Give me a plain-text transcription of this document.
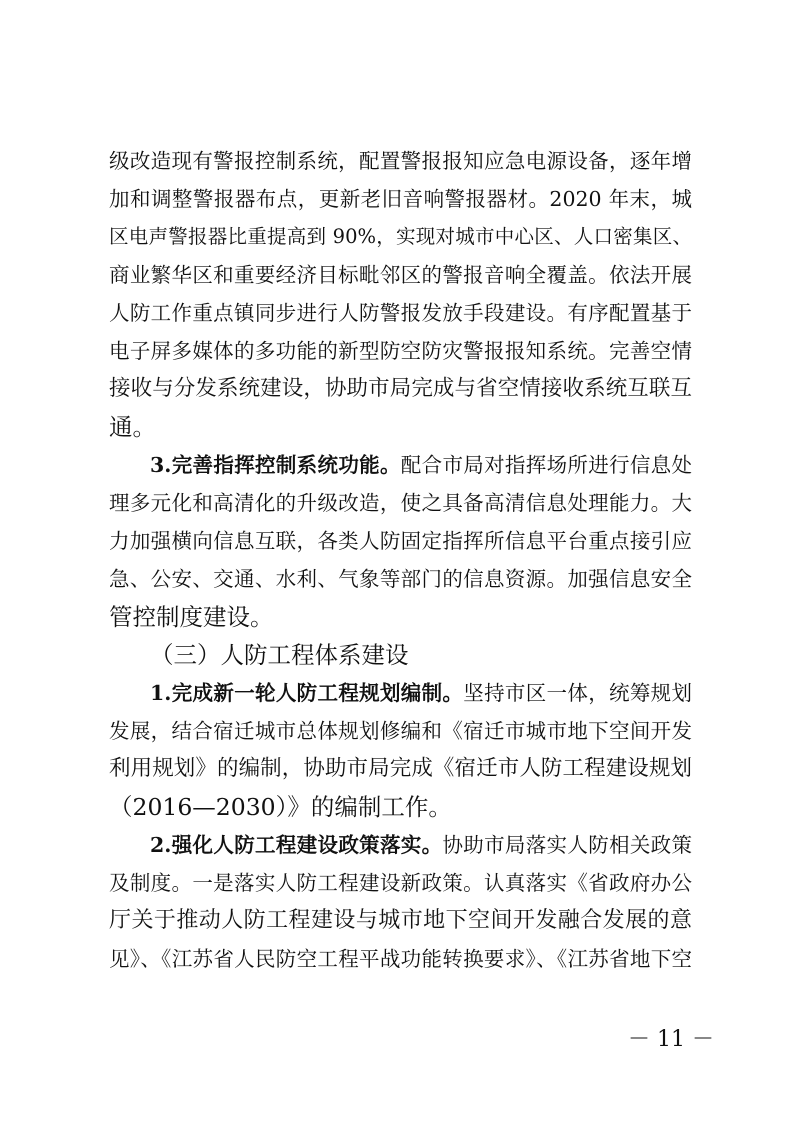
级改造现有警报控制系统，配置警报报知应急电源设备，逐年增
加和调整警报器布点，更新老旧音响警报器材。2020 年末，城
区电声警报器比重提高到 90%，实现对城市中心区、人口密集区、
商业繁华区和重要经济目标毗邻区的警报音响全覆盖。依法开展
人防工作重点镇同步进行人防警报发放手段建设。有序配置基于
电子屏多媒体的多功能的新型防空防灾警报报知系统。完善空情
接收与分发系统建设，协助市局完成与省空情接收系统互联互
通。
3.完善指挥控制系统功能。配合市局对指挥场所进行信息处
理多元化和高清化的升级改造，使之具备高清信息处理能力。大
力加强横向信息互联，各类人防固定指挥所信息平台重点接引应
急、公安、交通、水利、气象等部门的信息资源。加强信息安全
管控制度建设。
（三）人防工程体系建设
1.完成新一轮人防工程规划编制。坚持市区一体，统筹规划
发展，结合宿迁城市总体规划修编和《宿迁市城市地下空间开发
利用规划》的编制，协助市局完成《宿迁市人防工程建设规划
（2016—2030）》的编制工作。
2.强化人防工程建设政策落实。协助市局落实人防相关政策
及制度。一是落实人防工程建设新政策。认真落实《省政府办公
厅关于推动人防工程建设与城市地下空间开发融合发展的意
见》、《江苏省人民防空工程平战功能转换要求》、《江苏省地下空
－ 11 －
